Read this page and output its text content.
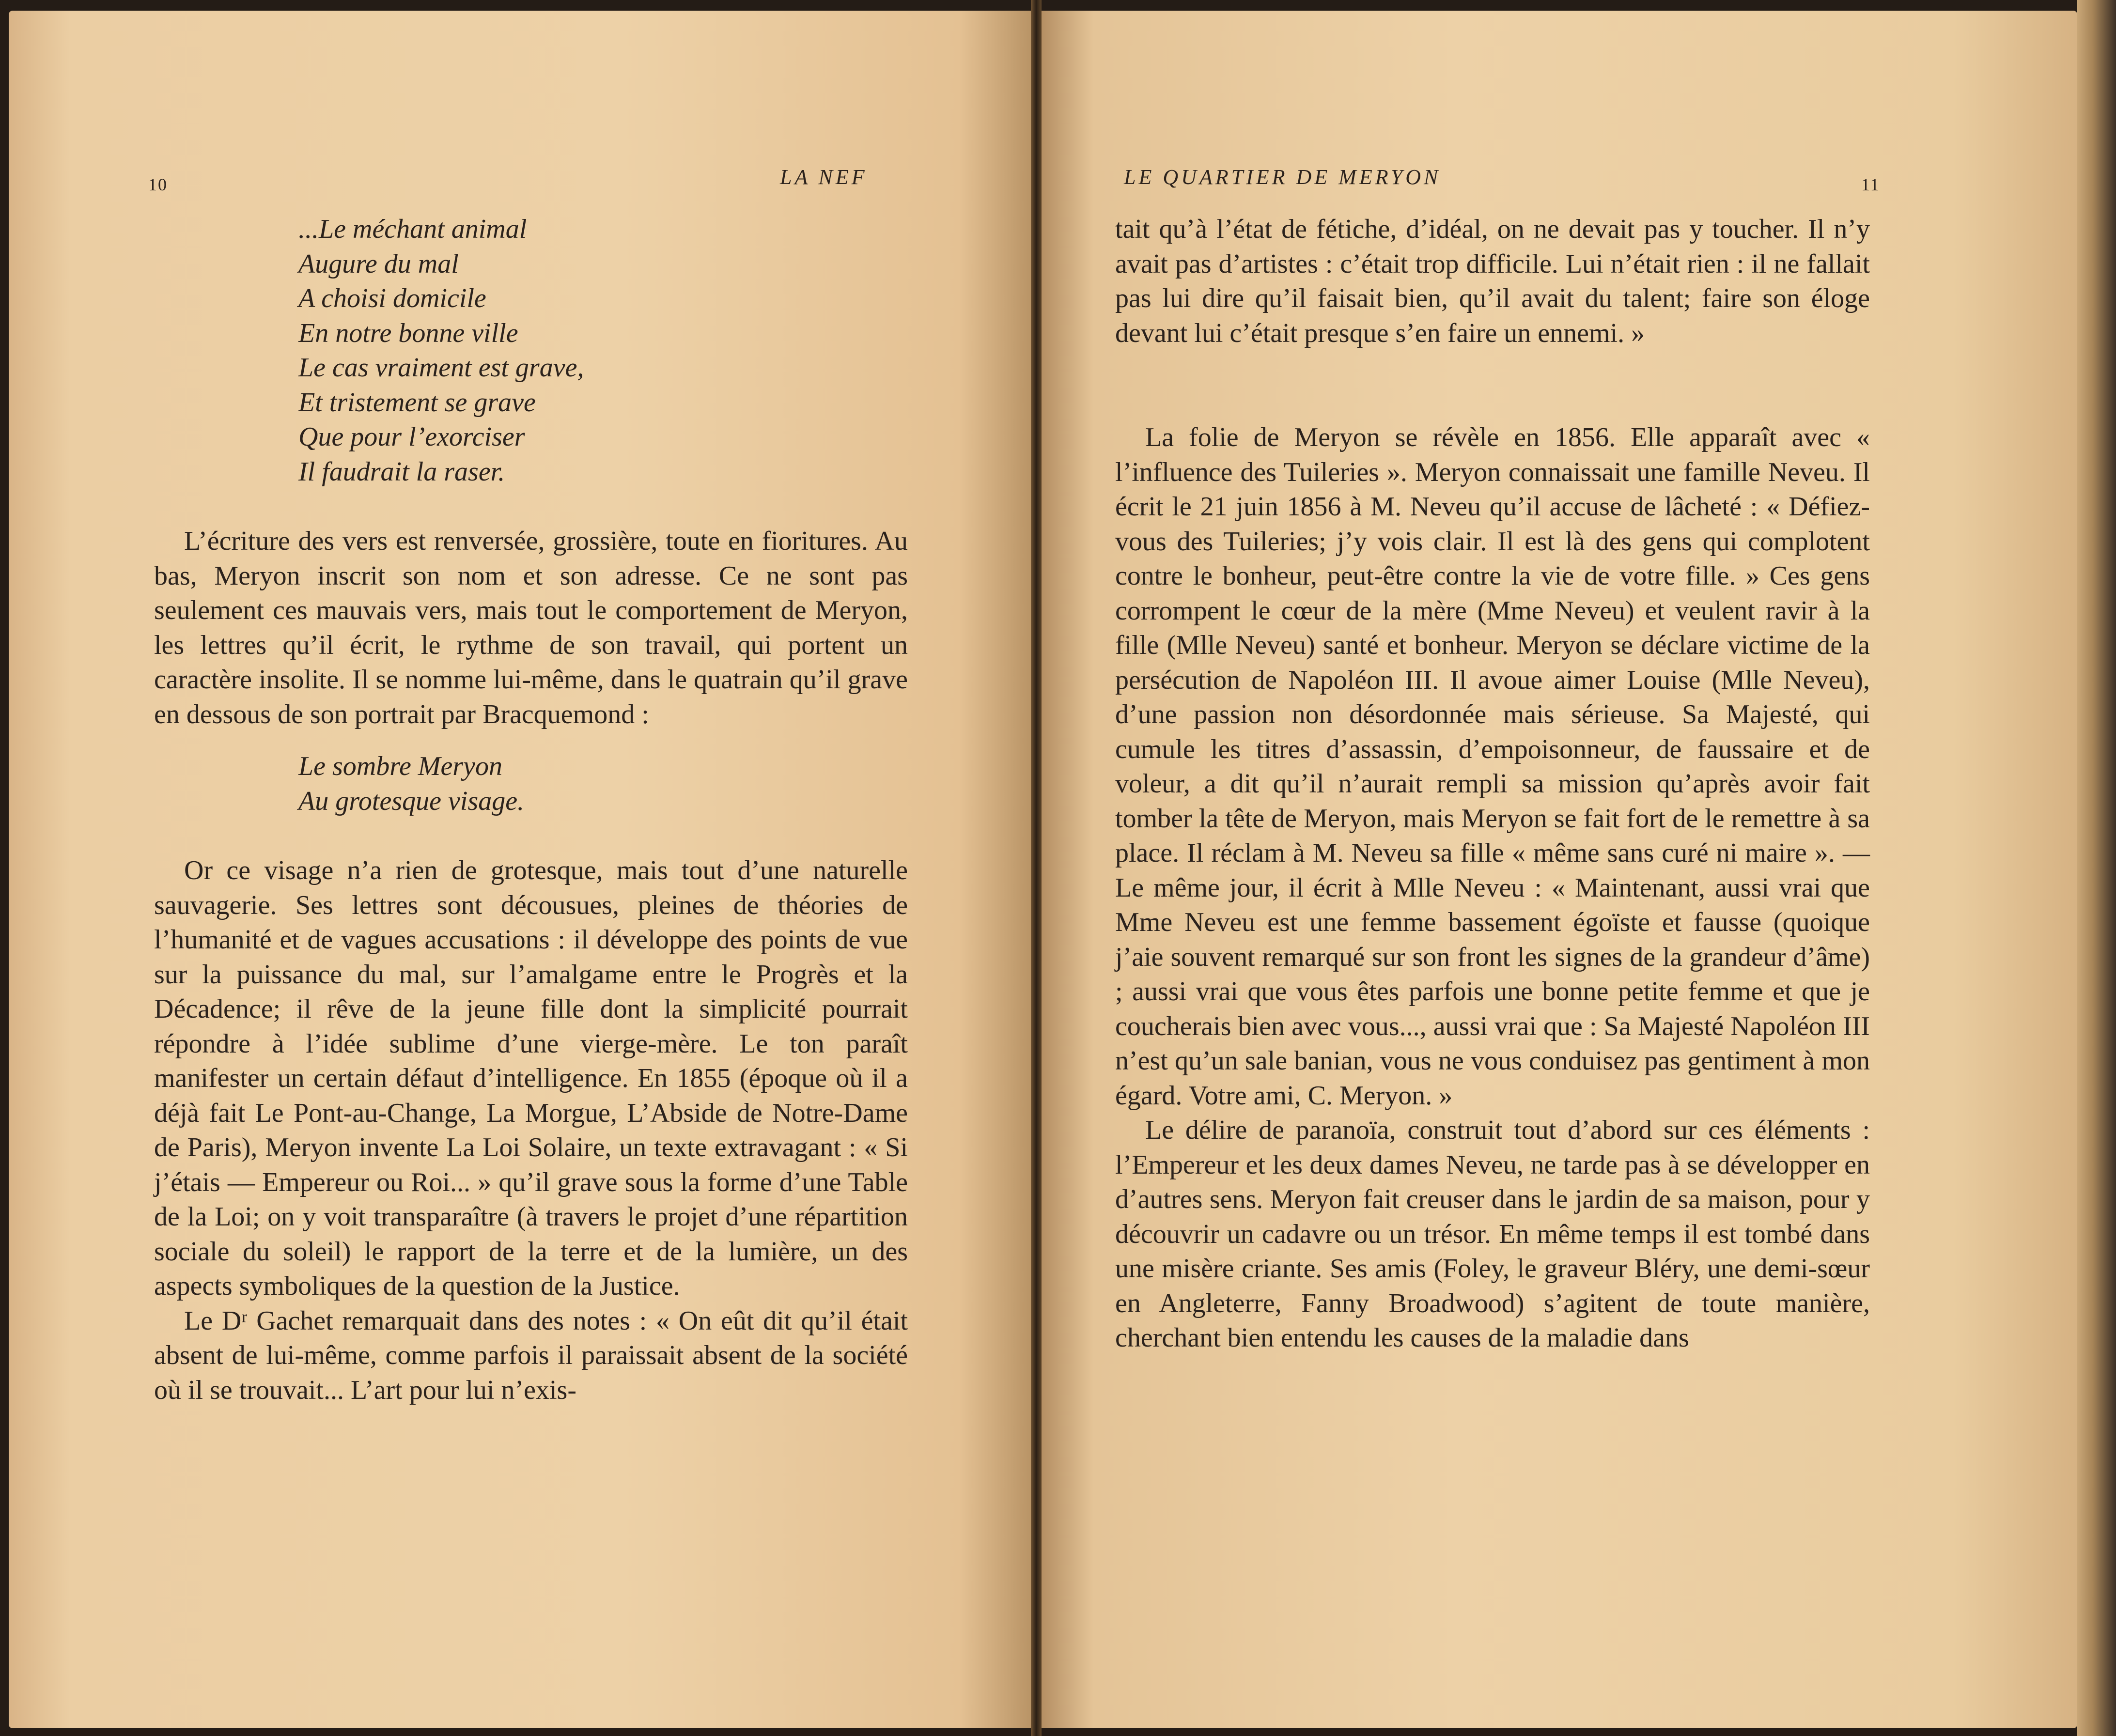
10	LA NEF
...Le méchant animal
Augure du mal
A choisi domicile
En notre bonne ville
Le cas vraiment est grave,
Et tristement se grave
Que pour l’exorciser
Il faudrait la raser.

L’écriture des vers est renversée, grossière, toute en fioritures. Au bas, Meryon inscrit son nom et son adresse. Ce ne sont pas seulement ces mauvais vers, mais tout le comportement de Meryon, les lettres qu’il écrit, le rythme de son travail, qui portent un caractère insolite. Il se nomme lui-même, dans le quatrain qu’il grave en dessous de son portrait par Bracquemond :

Le sombre Meryon
Au grotesque visage.

Or ce visage n’a rien de grotesque, mais tout d’une naturelle sauvagerie. Ses lettres sont décousues, pleines de théories de l’humanité et de vagues accusations : il développe des points de vue sur la puissance du mal, sur l’amalgame entre le Progrès et la Décadence; il rêve de la jeune fille dont la simplicité pourrait répondre à l’idée sublime d’une vierge-mère. Le ton paraît manifester un certain défaut d’intelligence. En 1855 (époque où il a déjà fait Le Pont-au-Change, La Morgue, L’Abside de Notre-Dame de Paris), Meryon invente La Loi Solaire, un texte extravagant : « Si j’étais — Empereur ou Roi... » qu’il grave sous la forme d’une Table de la Loi; on y voit transparaître (à travers le projet d’une répartition sociale du soleil) le rapport de la terre et de la lumière, un des aspects symboliques de la question de la Justice.

Le Dʳ Gachet remarquait dans des notes : « On eût dit qu’il était absent de lui-même, comme parfois il paraissait absent de la société où il se trouvait... L’art pour lui n’exis-

LE QUARTIER DE MERYON	11

tait qu’à l’état de fétiche, d’idéal, on ne devait pas y toucher. Il n’y avait pas d’artistes : c’était trop difficile. Lui n’était rien : il ne fallait pas lui dire qu’il faisait bien, qu’il avait du talent; faire son éloge devant lui c’était presque s’en faire un ennemi. »

La folie de Meryon se révèle en 1856. Elle apparaît avec « l’influence des Tuileries ». Meryon connaissait une famille Neveu. Il écrit le 21 juin 1856 à M. Neveu qu’il accuse de lâcheté : « Défiez-vous des Tuileries; j’y vois clair. Il est là des gens qui complotent contre le bonheur, peut-être contre la vie de votre fille. » Ces gens corrompent le cœur de la mère (Mme Neveu) et veulent ravir à la fille (Mlle Neveu) santé et bonheur. Meryon se déclare victime de la persécution de Napoléon III. Il avoue aimer Louise (Mlle Neveu), d’une passion non désordonnée mais sérieuse. Sa Majesté, qui cumule les titres d’assassin, d’empoisonneur, de faussaire et de voleur, a dit qu’il n’aurait rempli sa mission qu’après avoir fait tomber la tête de Meryon, mais Meryon se fait fort de le remettre à sa place. Il réclam à M. Neveu sa fille « même sans curé ni maire ». — Le même jour, il écrit à Mlle Neveu : « Maintenant, aussi vrai que Mme Neveu est une femme bassement égoïste et fausse (quoique j’aie souvent remarqué sur son front les signes de la grandeur d’âme) ; aussi vrai que vous êtes parfois une bonne petite femme et que je coucherais bien avec vous..., aussi vrai que : Sa Majesté Napoléon III n’est qu’un sale banian, vous ne vous conduisez pas gentiment à mon égard. Votre ami, C. Meryon. »

Le délire de paranoïa, construit tout d’abord sur ces éléments : l’Empereur et les deux dames Neveu, ne tarde pas à se développer en d’autres sens. Meryon fait creuser dans le jardin de sa maison, pour y découvrir un cadavre ou un trésor. En même temps il est tombé dans une misère criante. Ses amis (Foley, le graveur Bléry, une demi-sœur en Angleterre, Fanny Broadwood) s’agitent de toute manière, cherchant bien entendu les causes de la maladie dans
